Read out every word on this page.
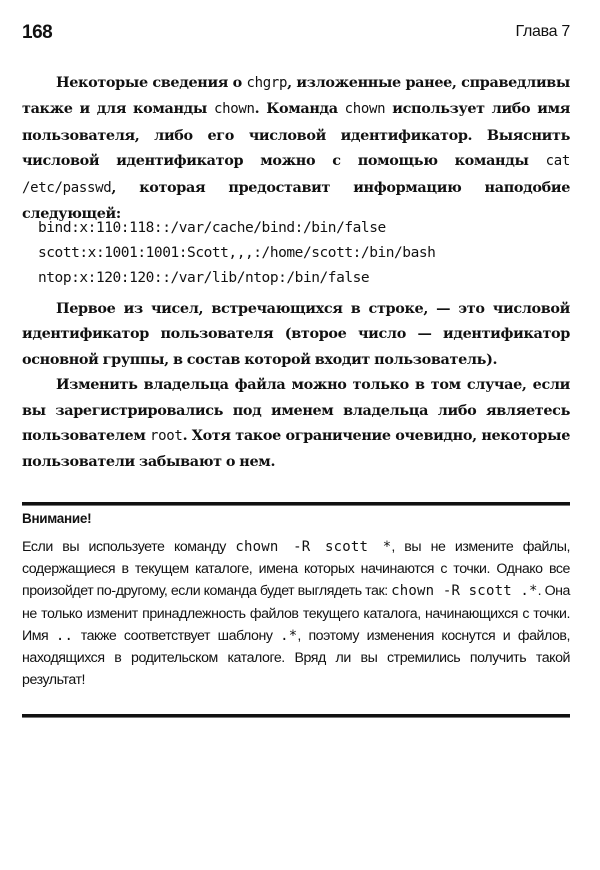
168	Глава 7

Некоторые сведения о chgrp, изложенные ранее, справедливы также и для команды chown. Команда chown использует либо имя пользователя, либо его числовой идентификатор. Выяснить числовой идентификатор можно с помощью команды cat /etc/passwd, которая предоставит информацию наподобие следующей:

bind:x:110:118::/var/cache/bind:/bin/false
scott:x:1001:1001:Scott,,,:/home/scott:/bin/bash
ntop:x:120:120::/var/lib/ntop:/bin/false

Первое из чисел, встречающихся в строке, — это числовой идентификатор пользователя (второе число — идентификатор основной группы, в состав которой входит пользователь).

Изменить владельца файла можно только в том случае, если вы зарегистрировались под именем владельца либо являетесь пользователем root. Хотя такое ограничение очевидно, некоторые пользователи забывают о нем.

Внимание!

Если вы используете команду chown -R scott *, вы не измените файлы, содержащиеся в текущем каталоге, имена которых начинаются с точки. Однако все произойдет по-другому, если команда будет выглядеть так: chown -R scott .*. Она не только изменит принадлежность файлов текущего каталога, начинающихся с точки. Имя .. также соответствует шаблону .*, поэтому изменения коснутся и файлов, находящихся в родительском каталоге. Вряд ли вы стремились получить такой результат!
